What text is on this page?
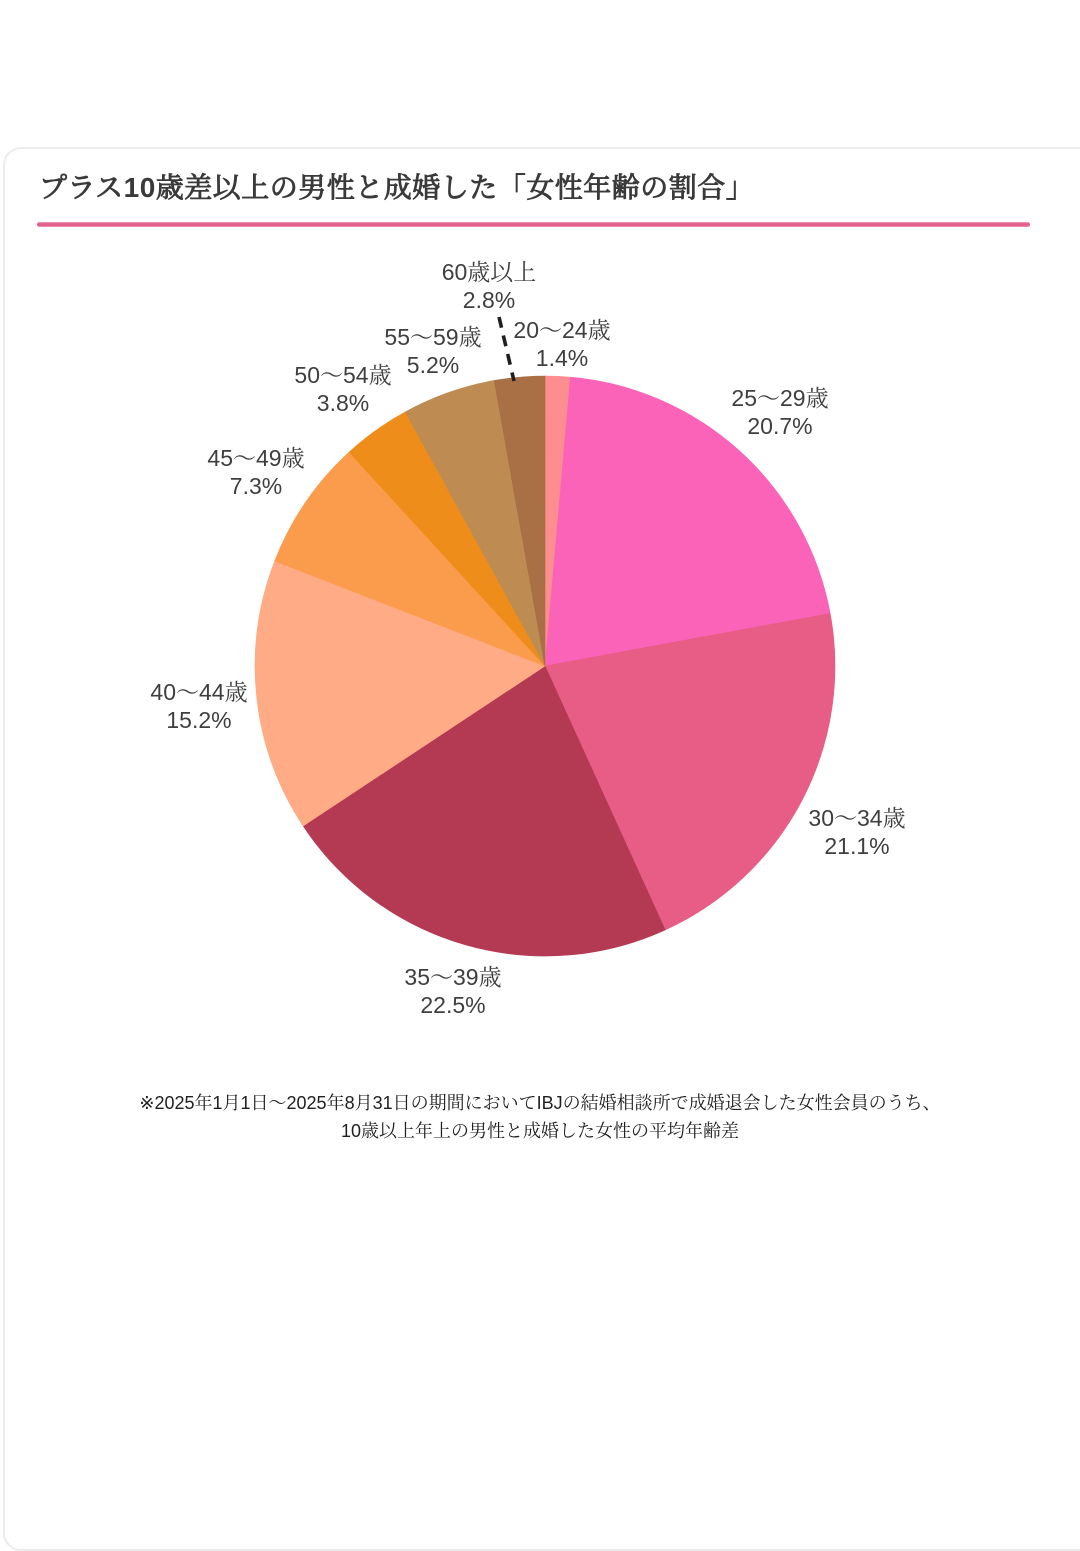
プラス10歳差以上の男性と成婚した「女性年齢の割合」
20〜24歳
1.4%
25〜29歳
20.7%
30〜34歳
21.1%
35〜39歳
22.5%
40〜44歳
15.2%
45〜49歳
7.3%
50〜54歳
3.8%
55〜59歳
5.2%
60歳以上
2.8%
※2025年1月1日〜2025年8月31日の期間においてIBJの結婚相談所で成婚退会した女性会員のうち、
10歳以上年上の男性と成婚した女性の平均年齢差
